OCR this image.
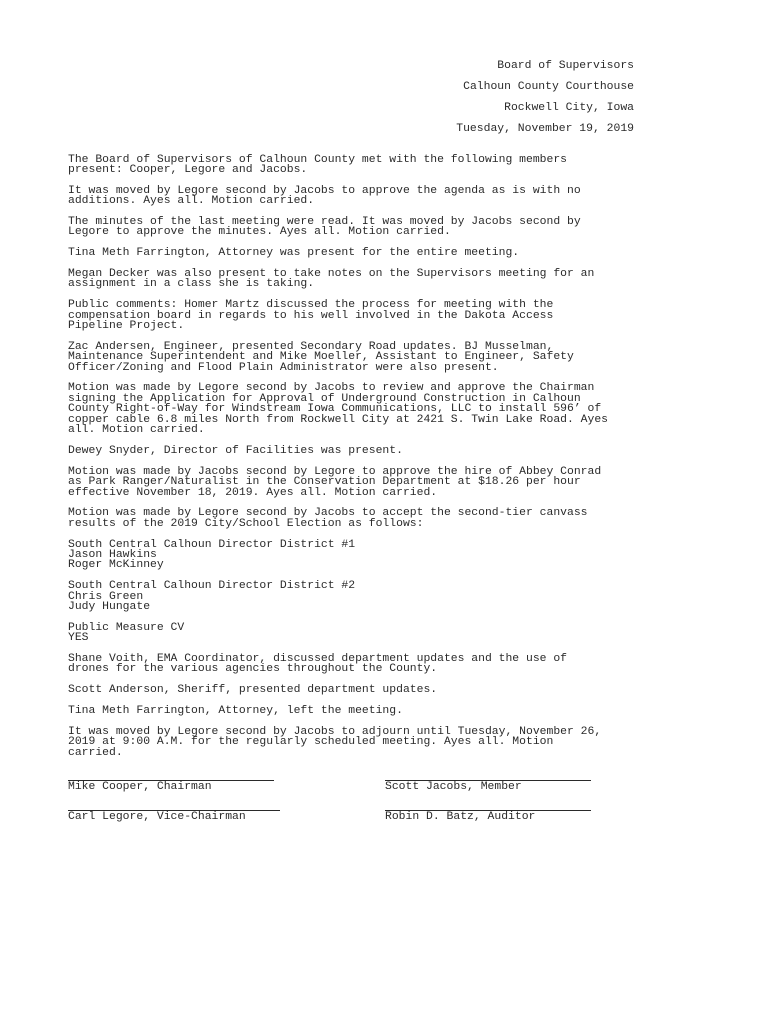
Board of Supervisors

Calhoun County Courthouse

Rockwell City, Iowa

Tuesday, November 19, 2019

The Board of Supervisors of Calhoun County met with the following members
present: Cooper, Legore and Jacobs.

It was moved by Legore second by Jacobs to approve the agenda as is with no
additions. Ayes all. Motion carried.

The minutes of the last meeting were read. It was moved by Jacobs second by
Legore to approve the minutes. Ayes all. Motion carried.

Tina Meth Farrington, Attorney was present for the entire meeting.

Megan Decker was also present to take notes on the Supervisors meeting for an
assignment in a class she is taking.

Public comments: Homer Martz discussed the process for meeting with the
compensation board in regards to his well involved in the Dakota Access
Pipeline Project.

Zac Andersen, Engineer, presented Secondary Road updates. BJ Musselman,
Maintenance Superintendent and Mike Moeller, Assistant to Engineer, Safety
Officer/Zoning and Flood Plain Administrator were also present.

Motion was made by Legore second by Jacobs to review and approve the Chairman
signing the Application for Approval of Underground Construction in Calhoun
County Right-of-Way for Windstream Iowa Communications, LLC to install 596’ of
copper cable 6.8 miles North from Rockwell City at 2421 S. Twin Lake Road. Ayes
all. Motion carried.

Dewey Snyder, Director of Facilities was present.

Motion was made by Jacobs second by Legore to approve the hire of Abbey Conrad
as Park Ranger/Naturalist in the Conservation Department at $18.26 per hour
effective November 18, 2019. Ayes all. Motion carried.

Motion was made by Legore second by Jacobs to accept the second-tier canvass
results of the 2019 City/School Election as follows:

South Central Calhoun Director District #1
Jason Hawkins
Roger McKinney

South Central Calhoun Director District #2
Chris Green
Judy Hungate

Public Measure CV
YES

Shane Voith, EMA Coordinator, discussed department updates and the use of
drones for the various agencies throughout the County.

Scott Anderson, Sheriff, presented department updates.

Tina Meth Farrington, Attorney, left the meeting.

It was moved by Legore second by Jacobs to adjourn until Tuesday, November 26,
2019 at 9:00 A.M. for the regularly scheduled meeting. Ayes all. Motion
carried.

Mike Cooper, Chairman	Scott Jacobs, Member
Carl Legore, Vice-Chairman	Robin D. Batz, Auditor
